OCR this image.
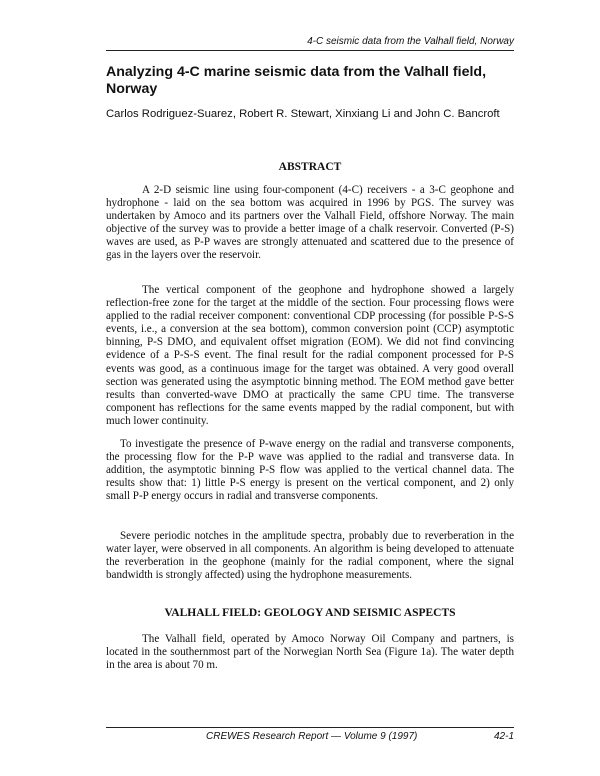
4-C seismic data from the Valhall field, Norway
Analyzing 4-C marine seismic data from the Valhall field, Norway
Carlos Rodriguez-Suarez, Robert R. Stewart, Xinxiang Li and John C. Bancroft
ABSTRACT

A 2-D seismic line using four-component (4-C) receivers - a 3-C geophone and hydrophone - laid on the sea bottom was acquired in 1996 by PGS. The survey was undertaken by Amoco and its partners over the Valhall Field, offshore Norway. The main objective of the survey was to provide a better image of a chalk reservoir. Converted (P-S) waves are used, as P-P waves are strongly attenuated and scattered due to the presence of gas in the layers over the reservoir.

The vertical component of the geophone and hydrophone showed a largely reflection-free zone for the target at the middle of the section. Four processing flows were applied to the radial receiver component: conventional CDP processing (for possible P-S-S events, i.e., a conversion at the sea bottom), common conversion point (CCP) asymptotic binning, P-S DMO, and equivalent offset migration (EOM). We did not find convincing evidence of a P-S-S event. The final result for the radial component processed for P-S events was good, as a continuous image for the target was obtained. A very good overall section was generated using the asymptotic binning method. The EOM method gave better results than converted-wave DMO at practically the same CPU time. The transverse component has reflections for the same events mapped by the radial component, but with much lower continuity.

To investigate the presence of P-wave energy on the radial and transverse components, the processing flow for the P-P wave was applied to the radial and transverse data. In addition, the asymptotic binning P-S flow was applied to the vertical channel data. The results show that: 1) little P-S energy is present on the vertical component, and 2) only small P-P energy occurs in radial and transverse components.

Severe periodic notches in the amplitude spectra, probably due to reverberation in the water layer, were observed in all components. An algorithm is being developed to attenuate the reverberation in the geophone (mainly for the radial component, where the signal bandwidth is strongly affected) using the hydrophone measurements.

VALHALL FIELD: GEOLOGY AND SEISMIC ASPECTS

The Valhall field, operated by Amoco Norway Oil Company and partners, is located in the southernmost part of the Norwegian North Sea (Figure 1a). The water depth in the area is about 70 m.

CREWES Research Report — Volume 9 (1997)	42-1
